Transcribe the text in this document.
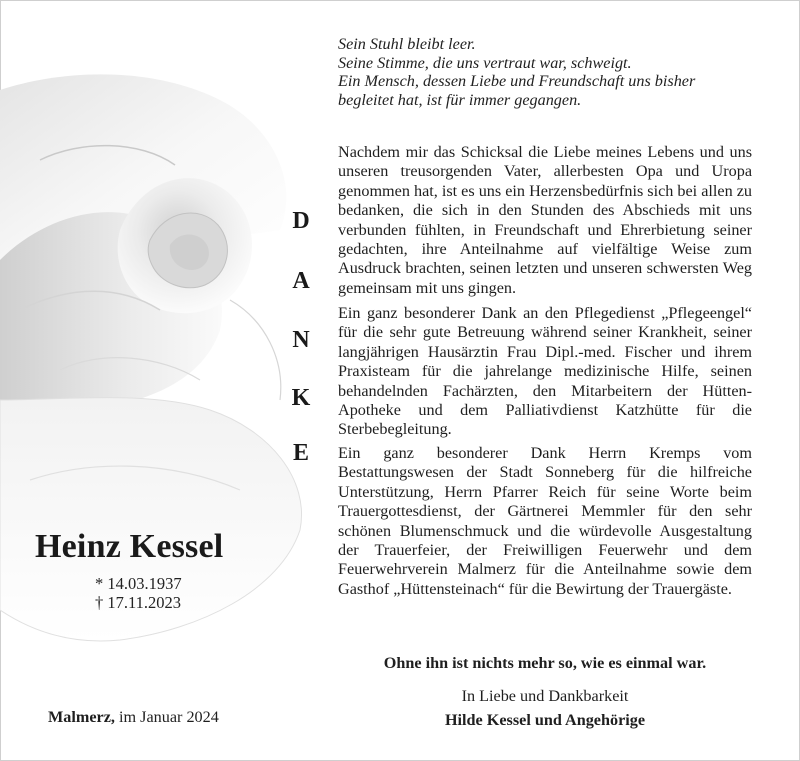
D
A
N
K
E
Sein Stuhl bleibt leer.
Seine Stimme, die uns vertraut war, schweigt.
Ein Mensch, dessen Liebe und Freundschaft uns bisher
begleitet hat, ist für immer gegangen.
Nachdem mir das Schicksal die Liebe meines Lebens und uns unseren treusorgenden Vater, allerbesten Opa und Uropa genommen hat, ist es uns ein Herzensbedürfnis sich bei allen zu bedanken, die sich in den Stunden des Abschieds mit uns verbunden fühlten, in Freundschaft und Ehrerbietung seiner gedachten, ihre Anteilnahme auf vielfältige Weise zum Ausdruck brachten, seinen letzten und unseren schwersten Weg gemeinsam mit uns gingen.
Ein ganz besonderer Dank an den Pflegedienst „Pflegeengel“ für die sehr gute Betreuung während seiner Krankheit, seiner langjährigen Hausärztin Frau Dipl.-med. Fischer und ihrem Praxisteam für die jahrelange medizinische Hilfe, seinen behandelnden Fachärzten, den Mitarbeitern der Hütten-Apotheke und dem Palliativdienst Katzhütte für die Sterbebegleitung.
Ein ganz besonderer Dank Herrn Kremps vom Bestattungswesen der Stadt Sonneberg für die hilfreiche Unterstützung, Herrn Pfarrer Reich für seine Worte beim Trauergottesdienst, der Gärtnerei Memmler für den sehr schönen Blumenschmuck und die würdevolle Ausgestaltung der Trauerfeier, der Freiwilligen Feuerwehr und dem Feuerwehrverein Malmerz für die Anteilnahme sowie dem Gasthof „Hüttensteinach“ für die Bewirtung der Trauergäste.
Heinz Kessel
* 14.03.1937
† 17.11.2023
Ohne ihn ist nichts mehr so, wie es einmal war.
In Liebe und Dankbarkeit
Hilde Kessel und Angehörige
Malmerz, im Januar 2024
